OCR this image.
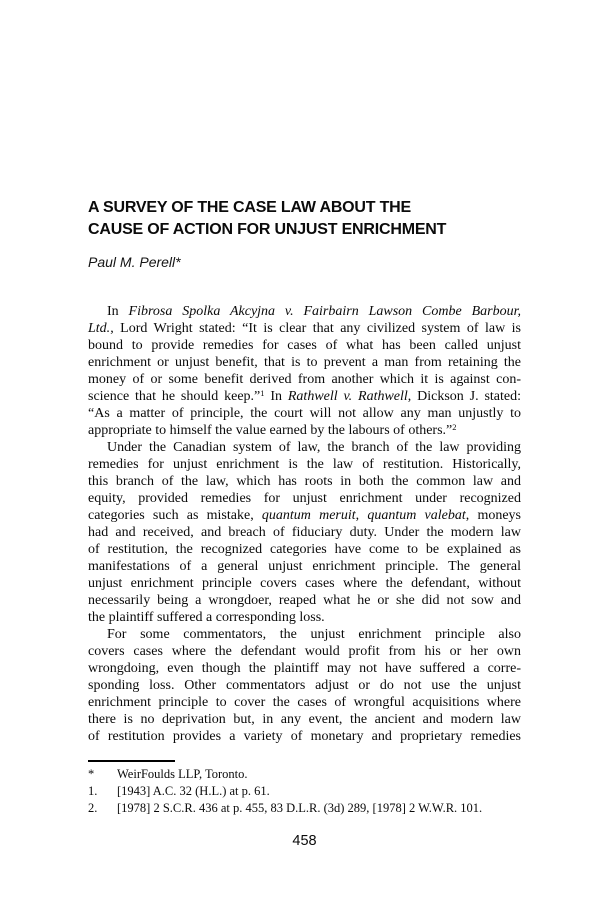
A SURVEY OF THE CASE LAW ABOUT THE
CAUSE OF ACTION FOR UNJUST ENRICHMENT
Paul M. Perell*
In Fibrosa Spolka Akcyjna v. Fairbairn Lawson Combe Barbour,
Ltd., Lord Wright stated: “It is clear that any civilized system of law is
bound to provide remedies for cases of what has been called unjust
enrichment or unjust benefit, that is to prevent a man from retaining the
money of or some benefit derived from another which it is against con-
science that he should keep.”$^1$ In Rathwell v. Rathwell, Dickson J. stated:
“As a matter of principle, the court will not allow any man unjustly to
appropriate to himself the value earned by the labours of others.”$^2$
Under the Canadian system of law, the branch of the law providing
remedies for unjust enrichment is the law of restitution. Historically,
this branch of the law, which has roots in both the common law and
equity, provided remedies for unjust enrichment under recognized
categories such as mistake, quantum meruit, quantum valebat, moneys
had and received, and breach of fiduciary duty. Under the modern law
of restitution, the recognized categories have come to be explained as
manifestations of a general unjust enrichment principle. The general
unjust enrichment principle covers cases where the defendant, without
necessarily being a wrongdoer, reaped what he or she did not sow and
the plaintiff suffered a corresponding loss.
For some commentators, the unjust enrichment principle also
covers cases where the defendant would profit from his or her own
wrongdoing, even though the plaintiff may not have suffered a corre-
sponding loss. Other commentators adjust or do not use the unjust
enrichment principle to cover the cases of wrongful acquisitions where
there is no deprivation but, in any event, the ancient and modern law
of restitution provides a variety of monetary and proprietary remedies
*	WeirFoulds LLP, Toronto.
1.	[1943] A.C. 32 (H.L.) at p. 61.
2.	[1978] 2 S.C.R. 436 at p. 455, 83 D.L.R. (3d) 289, [1978] 2 W.W.R. 101.
458
